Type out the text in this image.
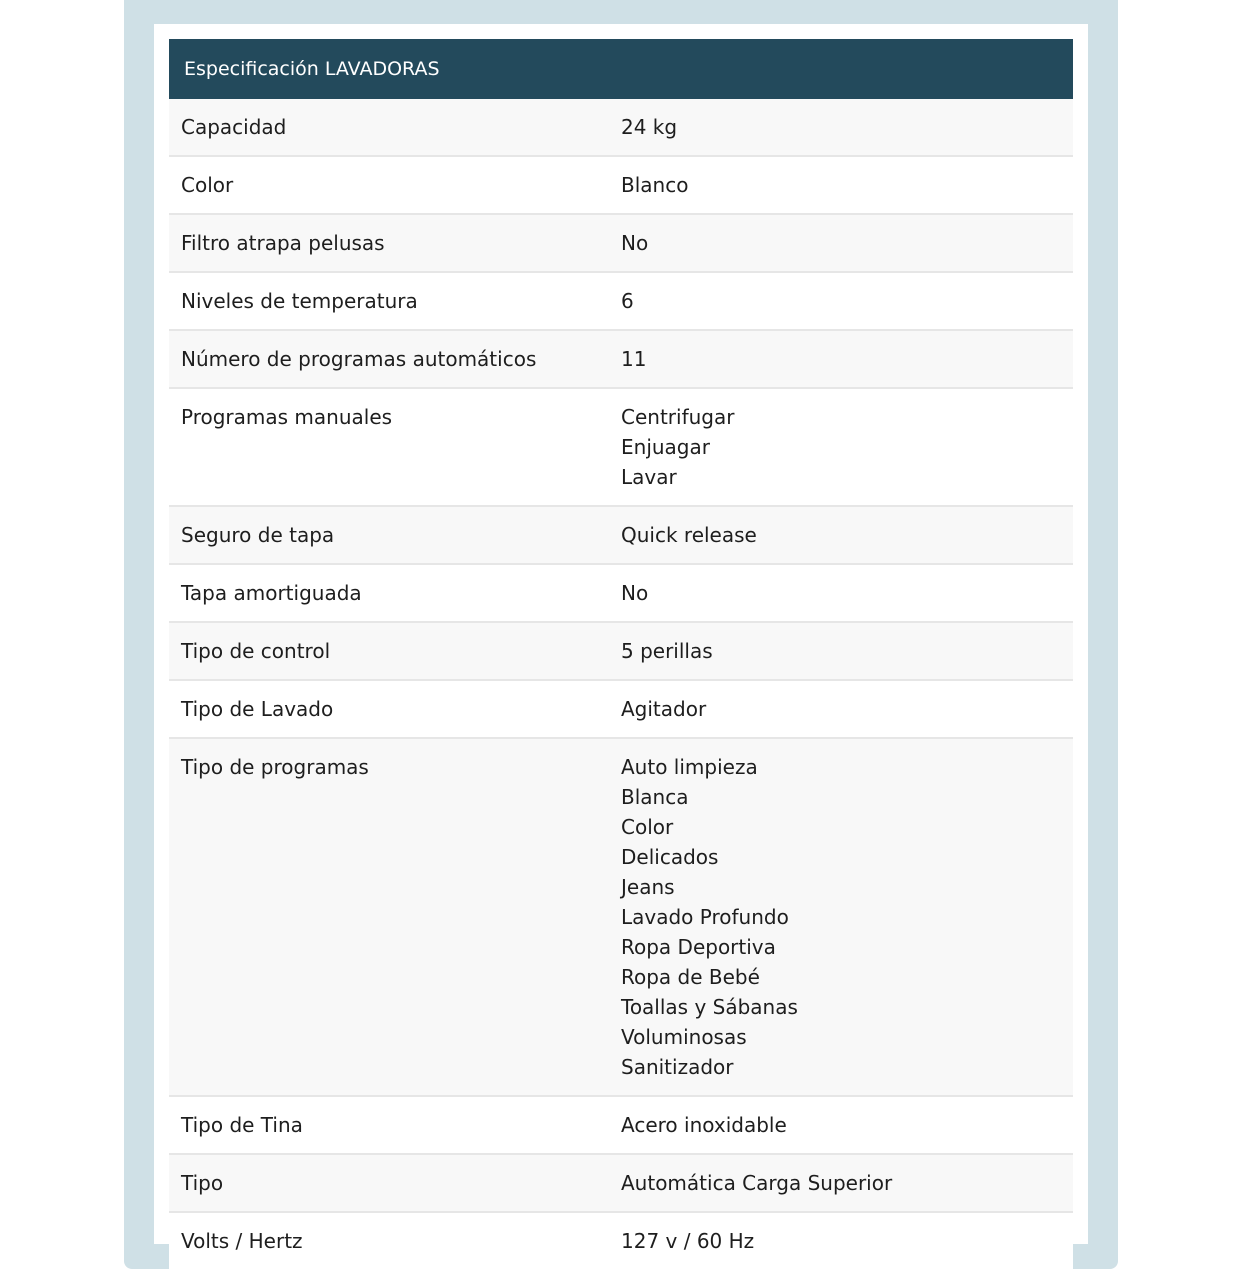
Especificación LAVADORAS
Capacidad	24 kg
Color	Blanco
Filtro atrapa pelusas	No
Niveles de temperatura	6
Número de programas automáticos	11
Programas manuales	Centrifugar
Enjuagar
Lavar
Seguro de tapa	Quick release
Tapa amortiguada	No
Tipo de control	5 perillas
Tipo de Lavado	Agitador
Tipo de programas	Auto limpieza
Blanca
Color
Delicados
Jeans
Lavado Profundo
Ropa Deportiva
Ropa de Bebé
Toallas y Sábanas
Voluminosas
Sanitizador
Tipo de Tina	Acero inoxidable
Tipo	Automática Carga Superior
Volts / Hertz	127 v / 60 Hz
